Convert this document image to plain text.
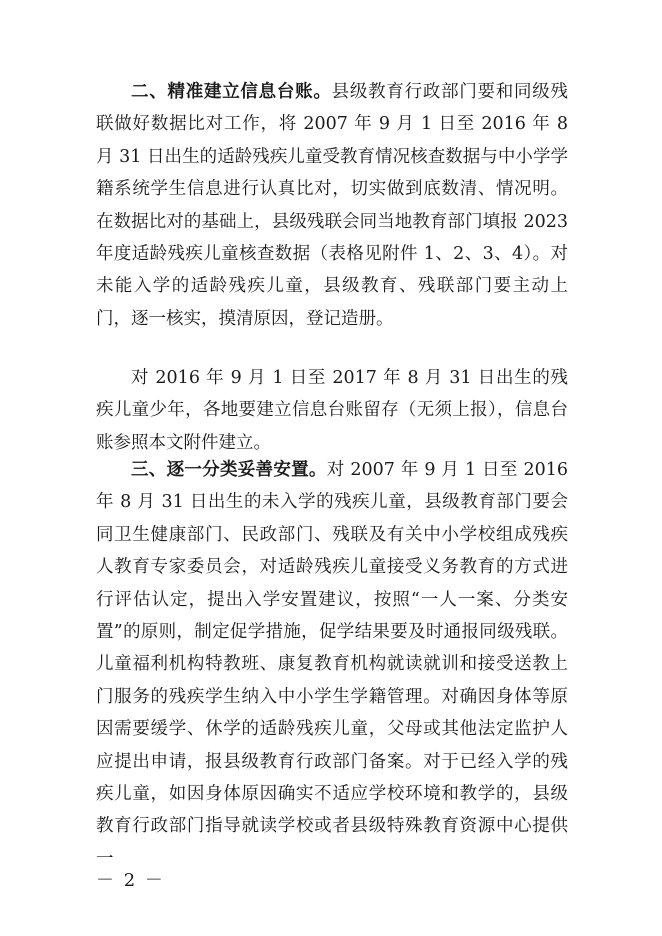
二、精准建立信息台账。县级教育行政部门要和同级残联做好数据比对工作，将 2007 年 9 月 1 日至 2016 年 8 月 31 日出生的适龄残疾儿童受教育情况核查数据与中小学学籍系统学生信息进行认真比对，切实做到底数清、情况明。在数据比对的基础上，县级残联会同当地教育部门填报 2023 年度适龄残疾儿童核查数据（表格见附件 1、2、3、4）。对未能入学的适龄残疾儿童，县级教育、残联部门要主动上门，逐一核实，摸清原因，登记造册。

对 2016 年 9 月 1 日至 2017 年 8 月 31 日出生的残疾儿童少年，各地要建立信息台账留存（无须上报），信息台账参照本文附件建立。

三、逐一分类妥善安置。对 2007 年 9 月 1 日至 2016 年 8 月 31 日出生的未入学的残疾儿童，县级教育部门要会同卫生健康部门、民政部门、残联及有关中小学校组成残疾人教育专家委员会，对适龄残疾儿童接受义务教育的方式进行评估认定，提出入学安置建议，按照“一人一案、分类安置”的原则，制定促学措施，促学结果要及时通报同级残联。儿童福利机构特教班、康复教育机构就读就训和接受送教上门服务的残疾学生纳入中小学生学籍管理。对确因身体等原因需要缓学、休学的适龄残疾儿童，父母或其他法定监护人应提出申请，报县级教育行政部门备案。对于已经入学的残疾儿童，如因身体原因确实不适应学校环境和教学的，县级教育行政部门指导就读学校或者县级特殊教育资源中心提供一

－ 2 －
